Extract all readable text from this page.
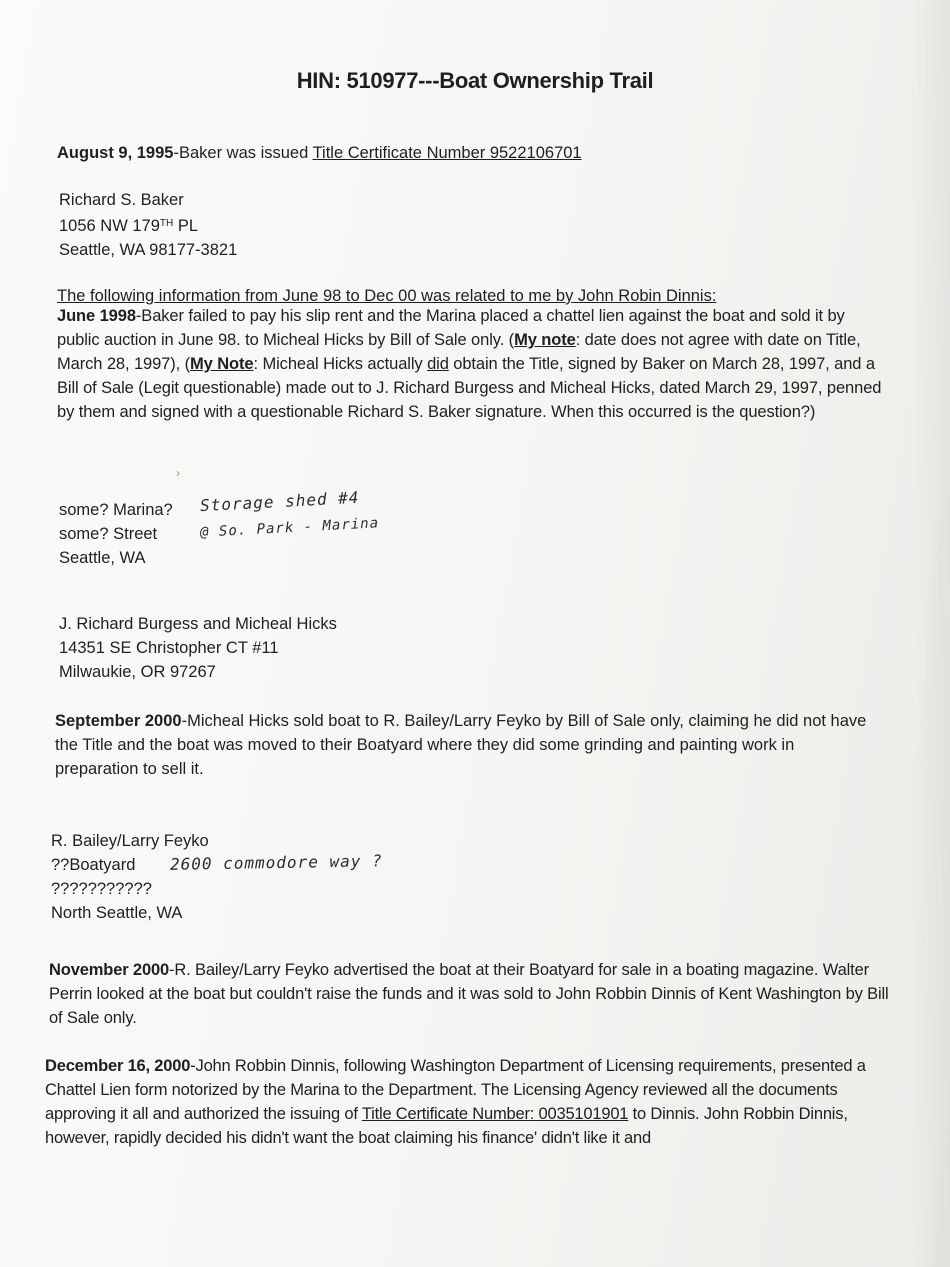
HIN: 510977---Boat Ownership Trail
August 9, 1995-Baker was issued Title Certificate Number 9522106701
Richard S. Baker
1056 NW 179TH PL
Seattle, WA 98177-3821
The following information from June 98 to Dec 00 was related to me by John Robin Dinnis:
June 1998-Baker failed to pay his slip rent and the Marina placed a chattel lien against the boat and sold it by public auction in June 98. to Micheal Hicks by Bill of Sale only. (My note: date does not agree with date on Title, March 28, 1997), (My Note: Micheal Hicks actually did obtain the Title, signed by Baker on March 28, 1997, and a Bill of Sale (Legit questionable) made out to J. Richard Burgess and Micheal Hicks, dated March 29, 1997, penned by them and signed with a questionable Richard S. Baker signature. When this occurred is the question?)
›
some? Marina?
some? Street
Seattle, WA
Storage shed #4
@ So. Park - Marina
J. Richard Burgess and Micheal Hicks
14351 SE Christopher CT #11
Milwaukie, OR 97267
September 2000-Micheal Hicks sold boat to R. Bailey/Larry Feyko by Bill of Sale only, claiming he did not have the Title and the boat was moved to their Boatyard where they did some grinding and painting work in preparation to sell it.
R. Bailey/Larry Feyko
??Boatyard
???????????
North Seattle, WA
2600 commodore way ?
November 2000-R. Bailey/Larry Feyko advertised the boat at their Boatyard for sale in a boating magazine. Walter Perrin looked at the boat but couldn't raise the funds and it was sold to John Robbin Dinnis of Kent Washington by Bill of Sale only.
December 16, 2000-John Robbin Dinnis, following Washington Department of Licensing requirements, presented a Chattel Lien form notorized by the Marina to the Department. The Licensing Agency reviewed all the documents approving it all and authorized the issuing of Title Certificate Number: 0035101901 to Dinnis. John Robbin Dinnis, however, rapidly decided his didn't want the boat claiming his finance' didn't like it and
